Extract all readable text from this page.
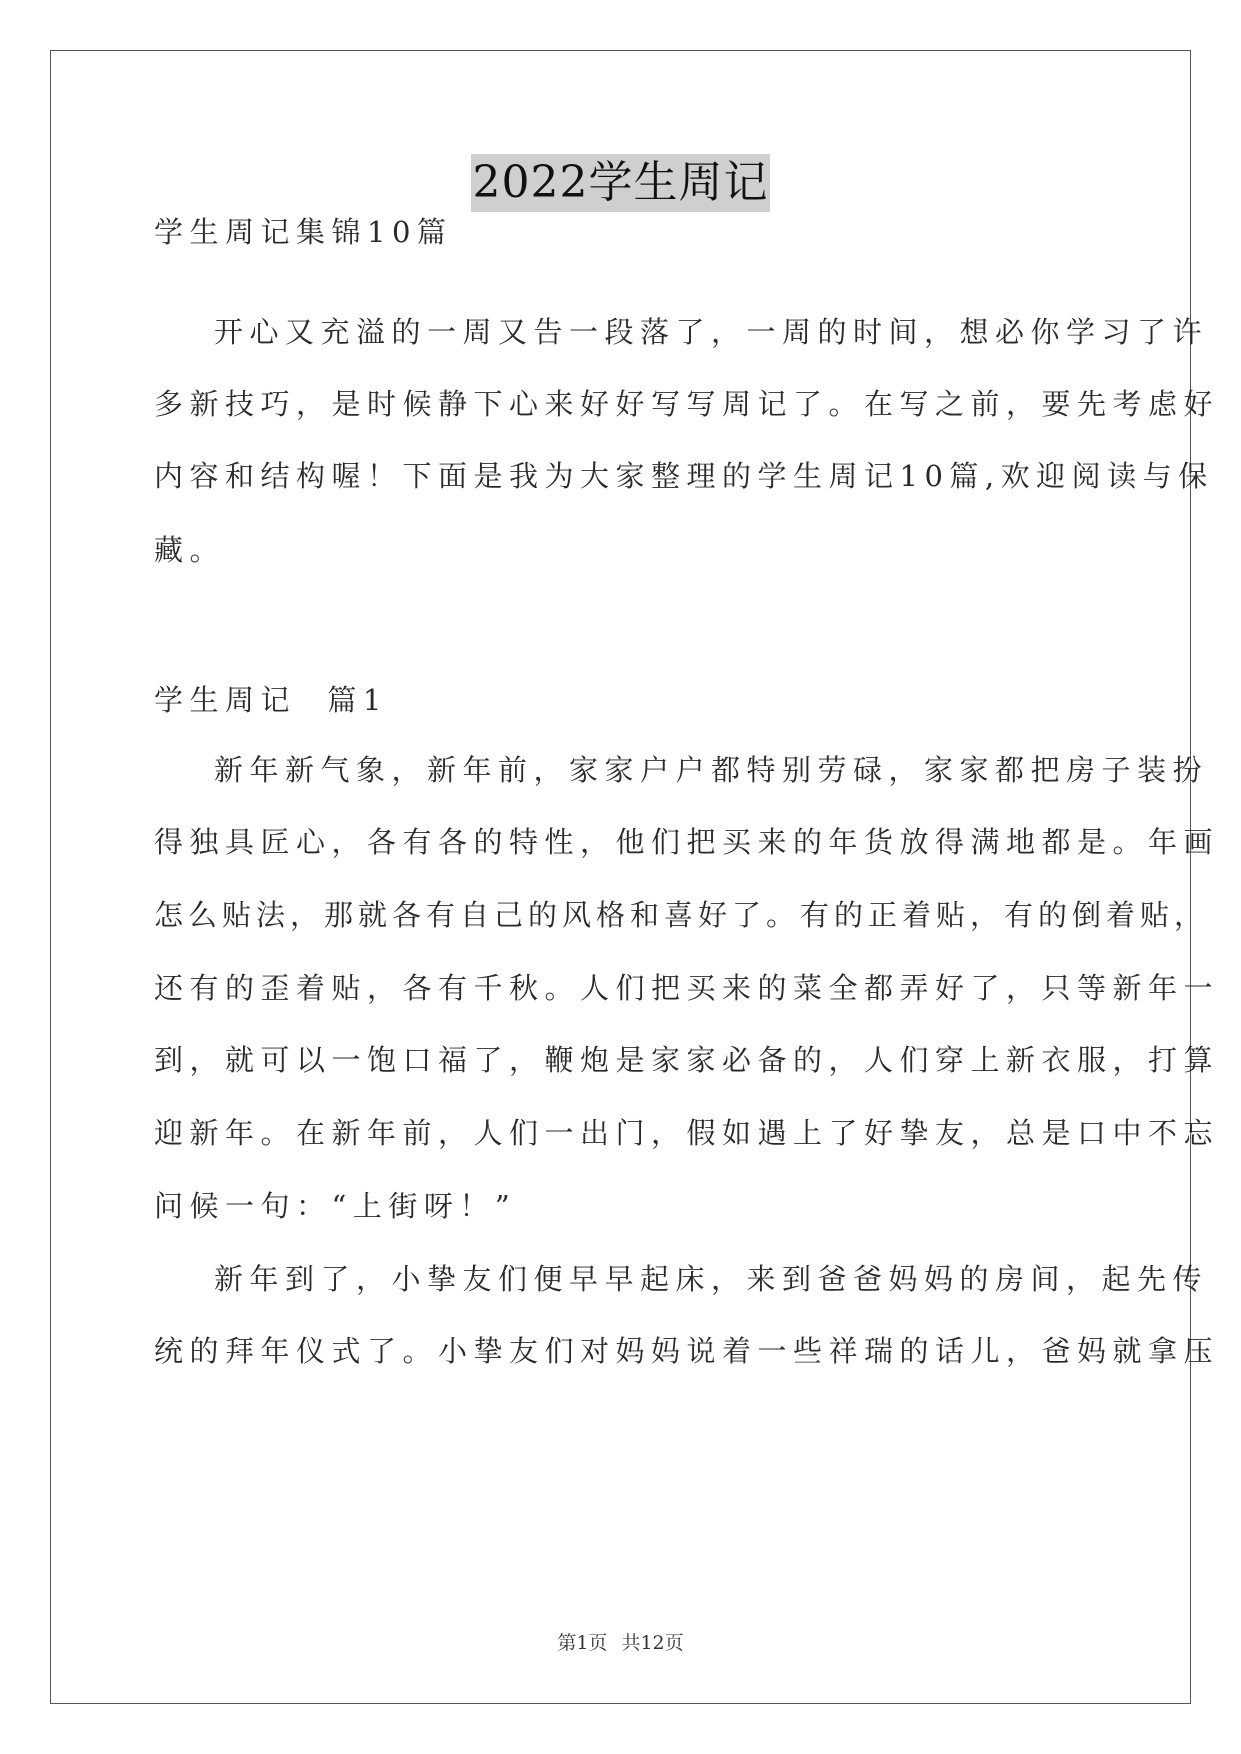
2022学生周记
学生周记集锦10篇
开心又充溢的一周又告一段落了，一周的时间，想必你学习了许
多新技巧，是时候静下心来好好写写周记了。在写之前，要先考虑好
内容和结构喔！下面是我为大家整理的学生周记10篇,欢迎阅读与保
藏。
学生周记  篇1
新年新气象，新年前，家家户户都特别劳碌，家家都把房子装扮
得独具匠心，各有各的特性，他们把买来的年货放得满地都是。年画
怎么贴法，那就各有自己的风格和喜好了。有的正着贴，有的倒着贴，
还有的歪着贴，各有千秋。人们把买来的菜全都弄好了，只等新年一
到，就可以一饱口福了，鞭炮是家家必备的，人们穿上新衣服，打算
迎新年。在新年前，人们一出门，假如遇上了好挚友，总是口中不忘
问候一句：“上街呀！”
新年到了，小挚友们便早早起床，来到爸爸妈妈的房间，起先传
统的拜年仪式了。小挚友们对妈妈说着一些祥瑞的话儿，爸妈就拿压
第1页 共12页
